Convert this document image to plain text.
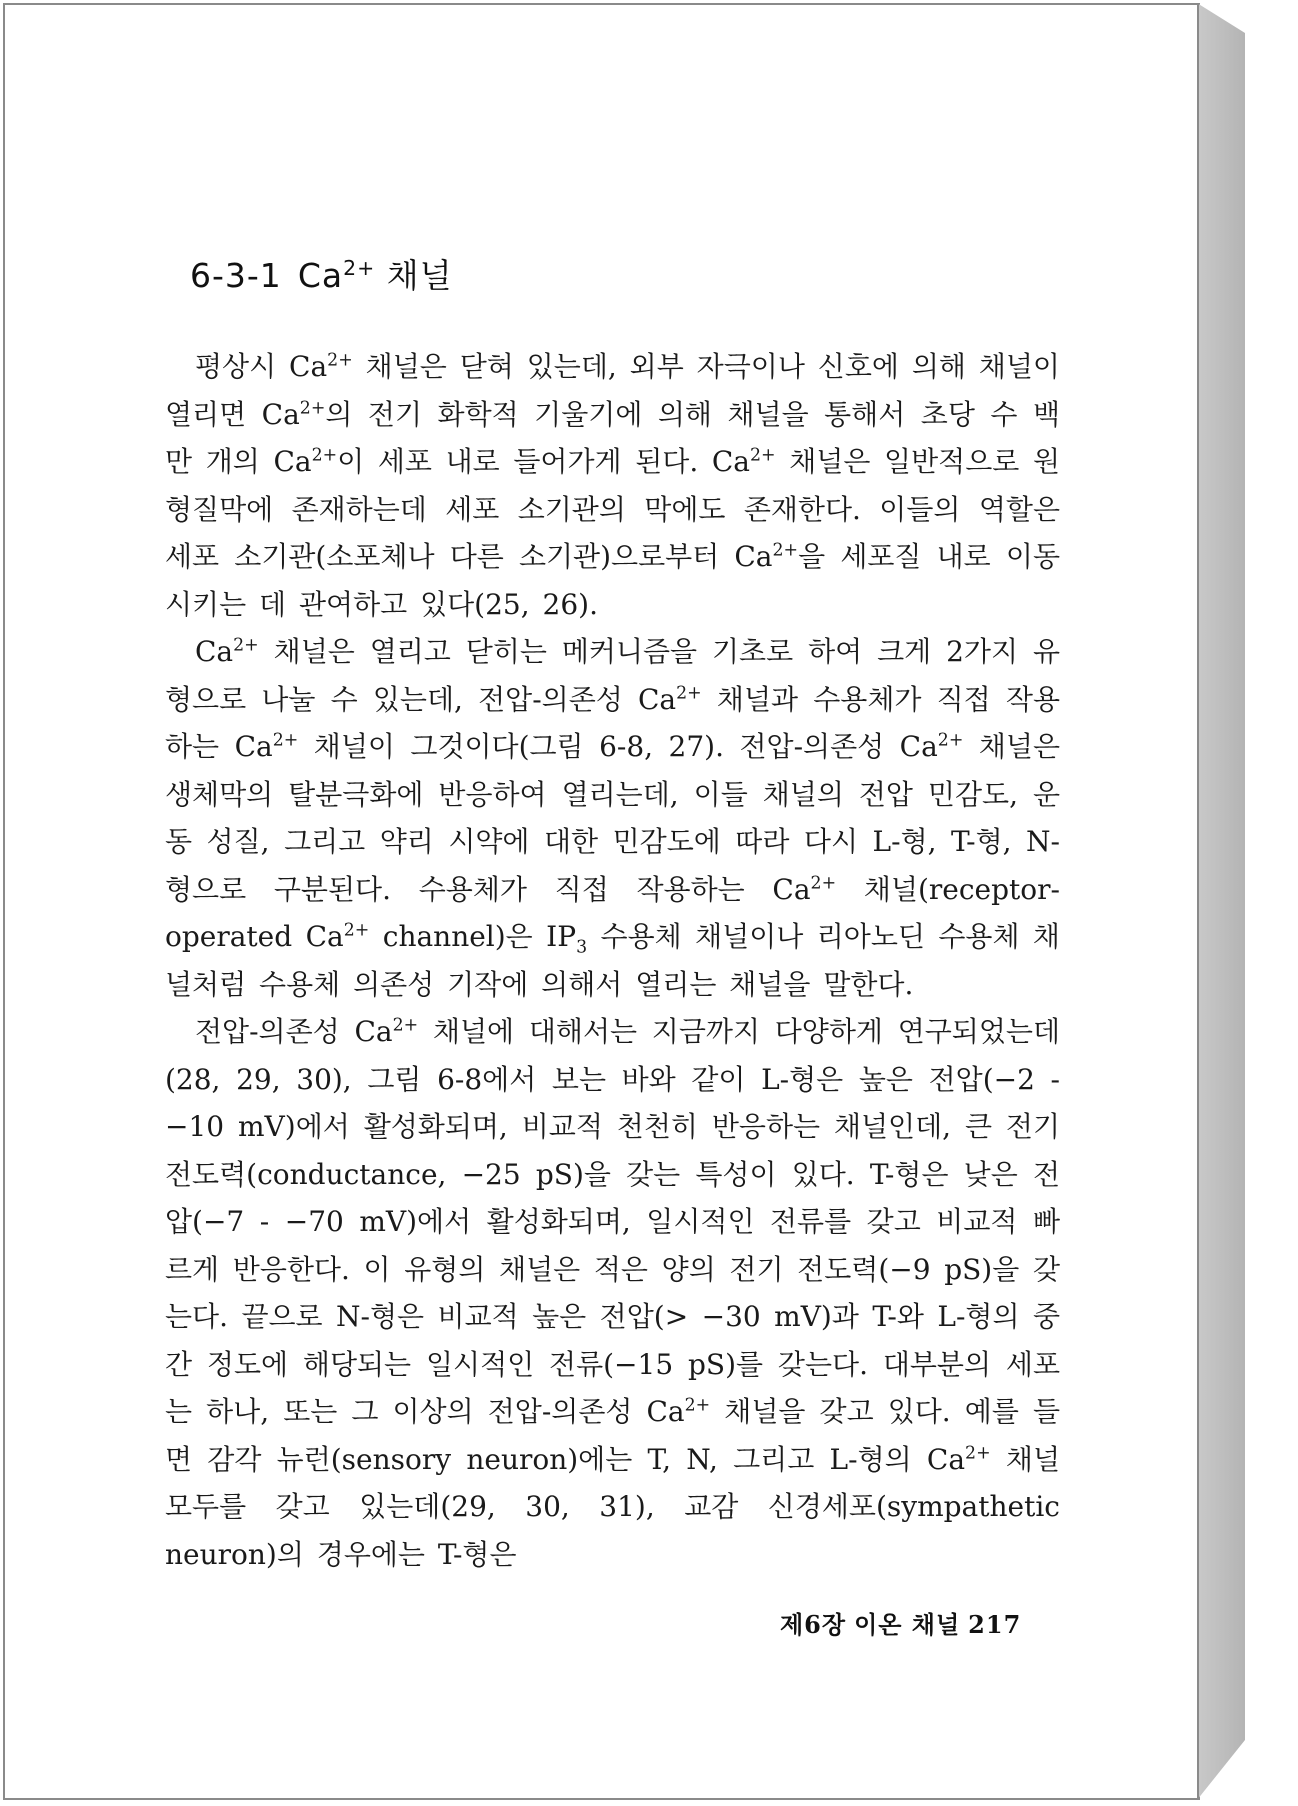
6-3-1 $Ca^{2+}$ 채널

평상시 $Ca^{2+}$ 채널은 닫혀 있는데, 외부 자극이나 신호에 의해 채널이 열리면 $Ca^{2+}$의 전기 화학적 기울기에 의해 채널을 통해서 초당 수 백만 개의 $Ca^{2+}$이 세포 내로 들어가게 된다. $Ca^{2+}$ 채널은 일반적으로 원형질막에 존재하는데 세포 소기관의 막에도 존재한다. 이들의 역할은 세포 소기관(소포체나 다른 소기관)으로부터 $Ca^{2+}$을 세포질 내로 이동시키는 데 관여하고 있다(25, 26).

$Ca^{2+}$ 채널은 열리고 닫히는 메커니즘을 기초로 하여 크게 2가지 유형으로 나눌 수 있는데, 전압-의존성 $Ca^{2+}$ 채널과 수용체가 직접 작용하는 $Ca^{2+}$ 채널이 그것이다(그림 6-8, 27). 전압-의존성 $Ca^{2+}$ 채널은 생체막의 탈분극화에 반응하여 열리는데, 이들 채널의 전압 민감도, 운동 성질, 그리고 약리 시약에 대한 민감도에 따라 다시 L-형, T-형, N-형으로 구분된다. 수용체가 직접 작용하는 $Ca^{2+}$ 채널(receptor-operated $Ca^{2+}$ channel)은 $IP_3$ 수용체 채널이나 리아노딘 수용체 채널처럼 수용체 의존성 기작에 의해서 열리는 채널을 말한다.

전압-의존성 $Ca^{2+}$ 채널에 대해서는 지금까지 다양하게 연구되었는데(28, 29, 30), 그림 6-8에서 보는 바와 같이 L-형은 높은 전압(−2 - −10 mV)에서 활성화되며, 비교적 천천히 반응하는 채널인데, 큰 전기 전도력(conductance, −25 pS)을 갖는 특성이 있다. T-형은 낮은 전압(−7 - −70 mV)에서 활성화되며, 일시적인 전류를 갖고 비교적 빠르게 반응한다. 이 유형의 채널은 적은 양의 전기 전도력(−9 pS)을 갖는다. 끝으로 N-형은 비교적 높은 전압(> −30 mV)과 T-와 L-형의 중간 정도에 해당되는 일시적인 전류(−15 pS)를 갖는다. 대부분의 세포는 하나, 또는 그 이상의 전압-의존성 $Ca^{2+}$ 채널을 갖고 있다. 예를 들면 감각 뉴런(sensory neuron)에는 T, N, 그리고 L-형의 $Ca^{2+}$ 채널 모두를 갖고 있는데(29, 30, 31), 교감 신경세포(sympathetic neuron)의 경우에는 T-형은

제6장 이온 채널 217
